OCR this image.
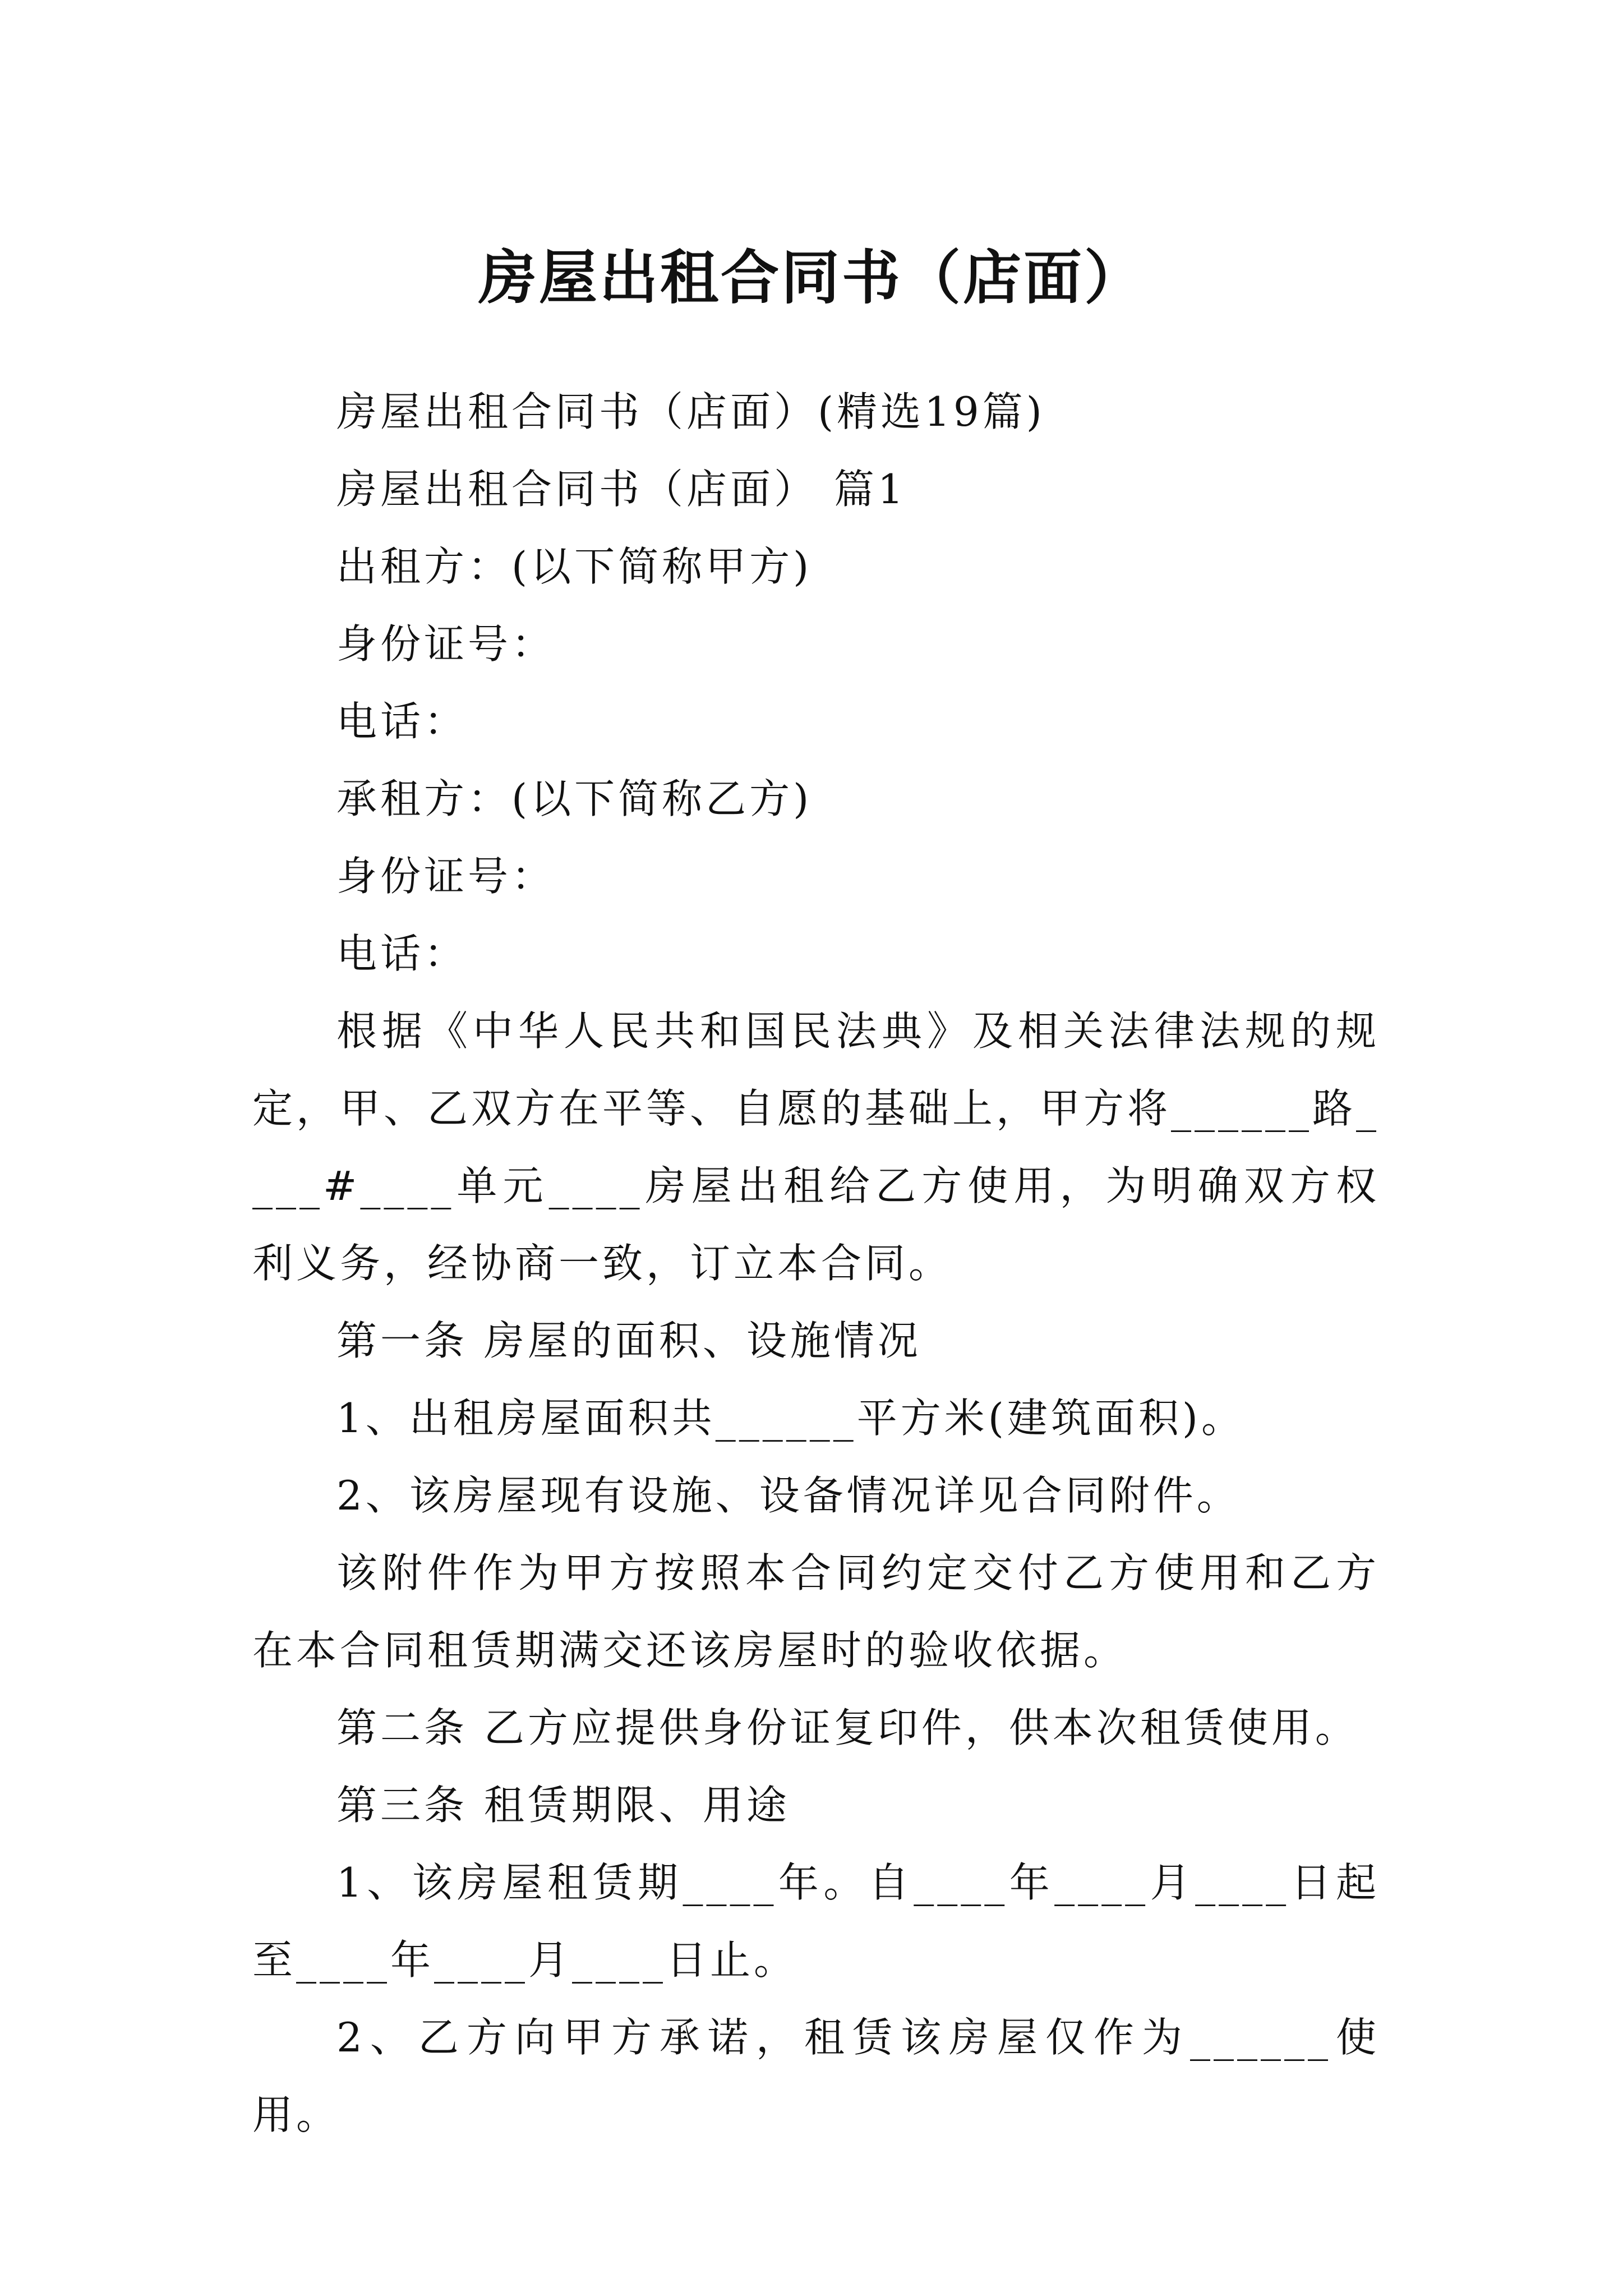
房屋出租合同书（店面）

房屋出租合同书（店面）(精选19篇)

房屋出租合同书（店面） 篇1

出租方：(以下简称甲方)

身份证号：

电话：

承租方：(以下简称乙方)

身份证号：

电话：

根据《中华人民共和国民法典》及相关法律法规的规定，甲、乙双方在平等、自愿的基础上，甲方将______路____#____单元____房屋出租给乙方使用，为明确双方权利义务，经协商一致，订立本合同。

第一条 房屋的面积、设施情况

1、出租房屋面积共______平方米(建筑面积)。

2、该房屋现有设施、设备情况详见合同附件。

该附件作为甲方按照本合同约定交付乙方使用和乙方在本合同租赁期满交还该房屋时的验收依据。

第二条 乙方应提供身份证复印件，供本次租赁使用。

第三条 租赁期限、用途

1、该房屋租赁期____年。自____年____月____日起至____年____月____日止。

2、乙方向甲方承诺，租赁该房屋仅作为______使用。
